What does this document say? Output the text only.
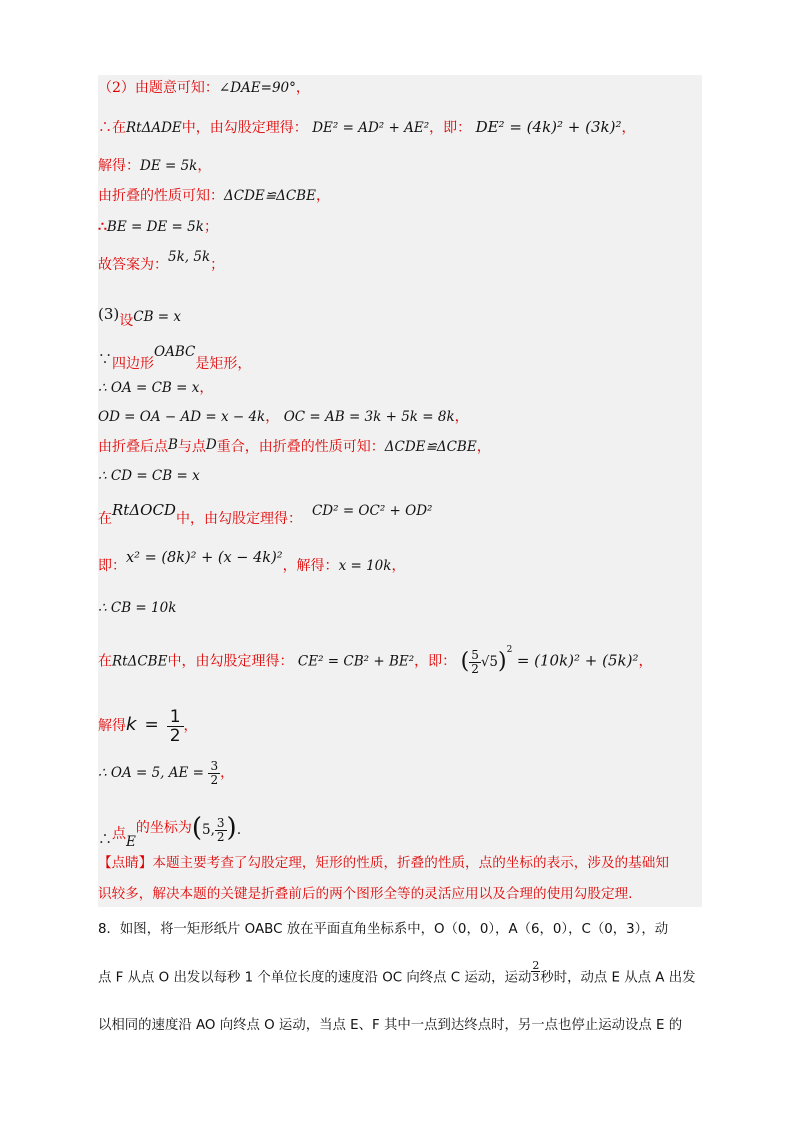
（2）由题意可知：∠DAE=90°，
∴在RtΔADE中，由勾股定理得： DE² = AD² + AE²，即： DE² = (4k)² + (3k)²，
解得：DE = 5k，
由折叠的性质可知：ΔCDE≌ΔCBE，
∴BE = DE = 5k；
故答案为：5k, 5k；
(3)设CB = x
∵四边形OABC是矩形，
∴ OA = CB = x，
OD = OA − AD = x − 4k， OC = AB = 3k + 5k = 8k，
由折叠后点B与点D重合，由折叠的性质可知：ΔCDE≌ΔCBE，
∴ CD = CB = x
在RtΔOCD中，由勾股定理得： CD² = OC² + OD²
即：x² = (8k)² + (x − 4k)²，解得：x = 10k，
∴ CB = 10k
在RtΔCBE中，由勾股定理得： CE² = CB² + BE²，即： ( $\frac{5}{2} √5)^2 = (10k)^2 + (5k)^2$，
解得$k = \frac{1}{2}$ ，
∴ OA = 5, AE = $\frac{3}{2}$ ，
∴点E的坐标为(5, $\frac{3}{2}$ ).
【点睛】本题主要考查了勾股定理，矩形的性质，折叠的性质，点的坐标的表示，涉及的基础知
识较多，解决本题的关键是折叠前后的两个图形全等的灵活应用以及合理的使用勾股定理.
8．如图，将一矩形纸片 OABC 放在平面直角坐标系中，O（0，0），A（6，0），C（0，3），动
点 F 从点 O 出发以每秒 1 个单位长度的速度沿 OC 向终点 C 运动，运动 $\frac{2}{3}$ 秒时，动点 E 从点 A 出发
以相同的速度沿 AO 向终点 O 运动，当点 E、F 其中一点到达终点时，另一点也停止运动设点 E 的
